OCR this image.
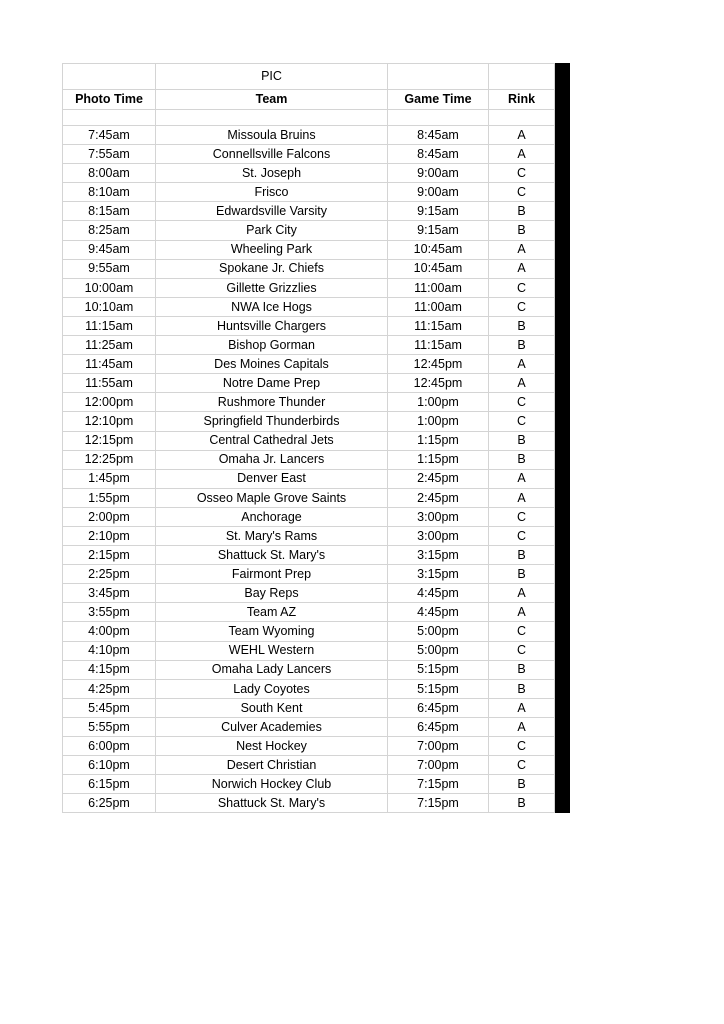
	PIC		
Photo Time	Team	Game Time	Rink

7:45am	Missoula Bruins	8:45am	A
7:55am	Connellsville Falcons	8:45am	A
8:00am	St. Joseph	9:00am	C
8:10am	Frisco	9:00am	C
8:15am	Edwardsville Varsity	9:15am	B
8:25am	Park City	9:15am	B
9:45am	Wheeling Park	10:45am	A
9:55am	Spokane Jr. Chiefs	10:45am	A
10:00am	Gillette Grizzlies	11:00am	C
10:10am	NWA Ice Hogs	11:00am	C
11:15am	Huntsville Chargers	11:15am	B
11:25am	Bishop Gorman	11:15am	B
11:45am	Des Moines Capitals	12:45pm	A
11:55am	Notre Dame Prep	12:45pm	A
12:00pm	Rushmore Thunder	1:00pm	C
12:10pm	Springfield Thunderbirds	1:00pm	C
12:15pm	Central Cathedral Jets	1:15pm	B
12:25pm	Omaha Jr. Lancers	1:15pm	B
1:45pm	Denver East	2:45pm	A
1:55pm	Osseo Maple Grove Saints	2:45pm	A
2:00pm	Anchorage	3:00pm	C
2:10pm	St. Mary's Rams	3:00pm	C
2:15pm	Shattuck St. Mary's	3:15pm	B
2:25pm	Fairmont Prep	3:15pm	B
3:45pm	Bay Reps	4:45pm	A
3:55pm	Team AZ	4:45pm	A
4:00pm	Team Wyoming	5:00pm	C
4:10pm	WEHL Western	5:00pm	C
4:15pm	Omaha Lady Lancers	5:15pm	B
4:25pm	Lady Coyotes	5:15pm	B
5:45pm	South Kent	6:45pm	A
5:55pm	Culver Academies	6:45pm	A
6:00pm	Nest Hockey	7:00pm	C
6:10pm	Desert Christian	7:00pm	C
6:15pm	Norwich Hockey Club	7:15pm	B
6:25pm	Shattuck St. Mary's	7:15pm	B
